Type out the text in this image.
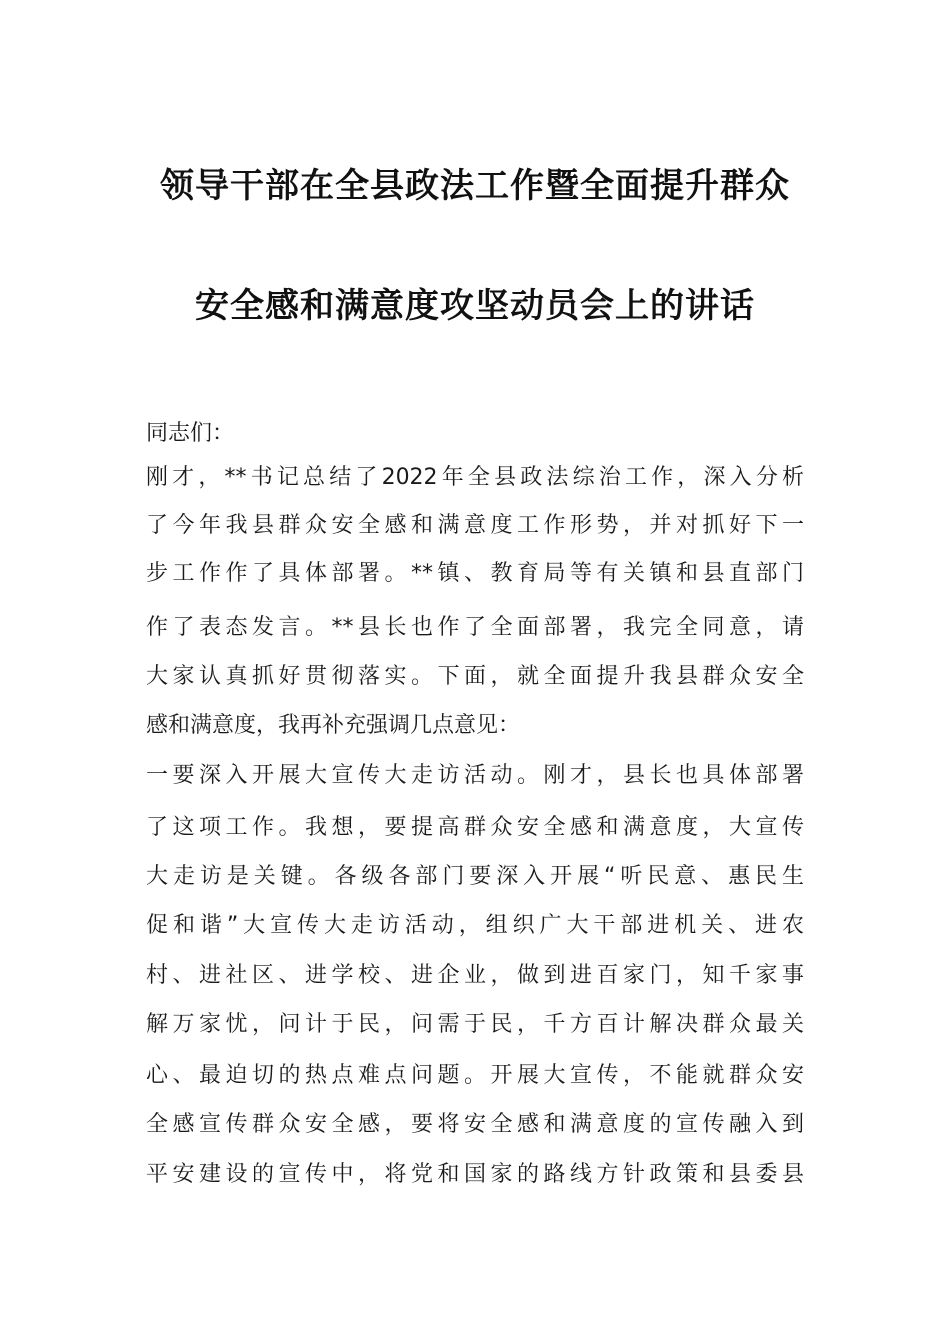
领导干部在全县政法工作暨全面提升群众
安全感和满意度攻坚动员会上的讲话
同志们：
刚才，**书记总结了2022年全县政法综治工作，深入分析
了今年我县群众安全感和满意度工作形势，并对抓好下一
步工作作了具体部署。**镇、教育局等有关镇和县直部门
作了表态发言。**县长也作了全面部署，我完全同意，请
大家认真抓好贯彻落实。下面，就全面提升我县群众安全
感和满意度，我再补充强调几点意见：
一要深入开展大宣传大走访活动。刚才，县长也具体部署
了这项工作。我想，要提高群众安全感和满意度，大宣传
大走访是关键。各级各部门要深入开展“听民意、惠民生
促和谐”大宣传大走访活动，组织广大干部进机关、进农
村、进社区、进学校、进企业，做到进百家门，知千家事
解万家忧，问计于民，问需于民，千方百计解决群众最关
心、最迫切的热点难点问题。开展大宣传，不能就群众安
全感宣传群众安全感，要将安全感和满意度的宣传融入到
平安建设的宣传中，将党和国家的路线方针政策和县委县
